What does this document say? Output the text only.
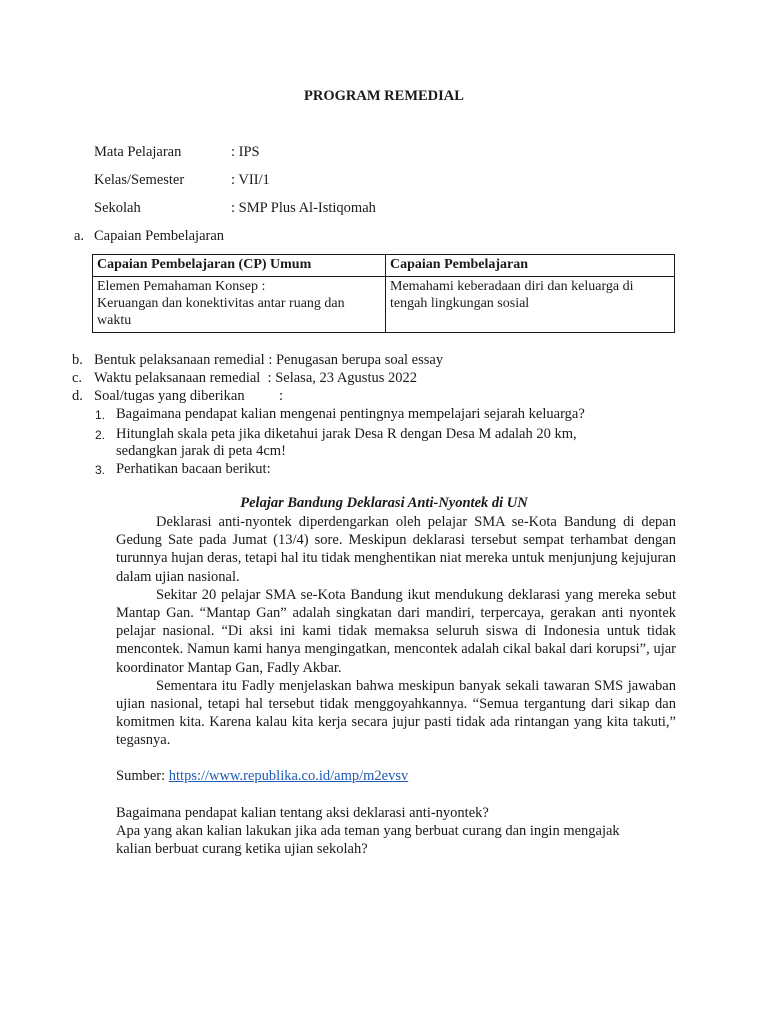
PROGRAM REMEDIAL
Mata Pelajaran	: IPS
Kelas/Semester	: VII/1
Sekolah	: SMP Plus Al-Istiqomah
a. Capaian Pembelajaran
Capaian Pembelajaran (CP) Umum	Capaian Pembelajaran

Elemen Pemahaman Konsep :
Keruangan dan konektivitas antar ruang dan waktu	Memahami keberadaan diri dan keluarga di tengah lingkungan sosial
b. Bentuk pelaksanaan remedial : Penugasan berupa soal essay
c. Waktu pelaksanaan remedial  : Selasa, 23 Agustus 2022
d. Soal/tugas yang diberikan :
1. Bagaimana pendapat kalian mengenai pentingnya mempelajari sejarah keluarga?
2. Hitunglah skala peta jika diketahui jarak Desa R dengan Desa M adalah 20 km,
sedangkan jarak di peta 4cm!
3. Perhatikan bacaan berikut:
Pelajar Bandung Deklarasi Anti-Nyontek di UN

Deklarasi anti-nyontek diperdengarkan oleh pelajar SMA se-Kota Bandung di depan Gedung Sate pada Jumat (13/4) sore. Meskipun deklarasi tersebut sempat terhambat dengan turunnya hujan deras, tetapi hal itu tidak menghentikan niat mereka untuk menjunjung kejujuran dalam ujian nasional.

Sekitar 20 pelajar SMA se-Kota Bandung ikut mendukung deklarasi yang mereka sebut Mantap Gan. “Mantap Gan” adalah singkatan dari mandiri, terpercaya, gerakan anti nyontek pelajar nasional. “Di aksi ini kami tidak memaksa seluruh siswa di Indonesia untuk tidak mencontek. Namun kami hanya mengingatkan, mencontek adalah cikal bakal dari korupsi”, ujar koordinator Mantap Gan, Fadly Akbar.

Sementara itu Fadly menjelaskan bahwa meskipun banyak sekali tawaran SMS jawaban ujian nasional, tetapi hal tersebut tidak menggoyahkannya. “Semua tergantung dari sikap dan komitmen kita. Karena kalau kita kerja secara jujur pasti tidak ada rintangan yang kita takuti,” tegasnya.

Sumber: https://www.republika.co.id/amp/m2evsv
Bagaimana pendapat kalian tentang aksi deklarasi anti-nyontek?
Apa yang akan kalian lakukan jika ada teman yang berbuat curang dan ingin mengajak
kalian berbuat curang ketika ujian sekolah?
